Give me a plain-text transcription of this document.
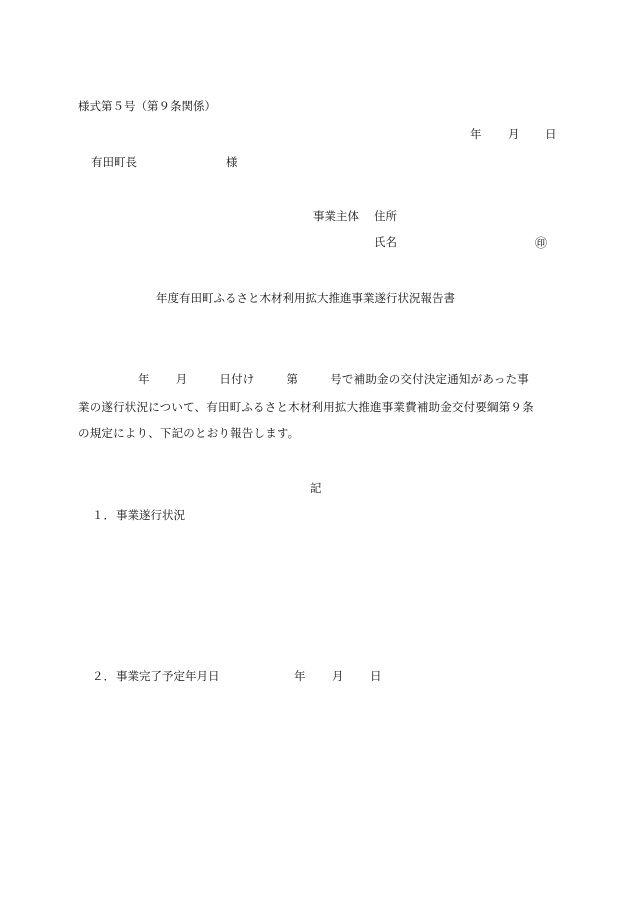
様式第５号（第９条関係）
年 月 日
有田町長	様
事業主体 住所
氏名	㊞
年度有田町ふるさと木材利用拡大推進事業遂行状況報告書
年 月	日付け	第	号で補助金の交付決定通知があった事
業の遂行状況について、有田町ふるさと木材利用拡大推進事業費補助金交付要綱第９条
の規定により、下記のとおり報告します。
記
１． 事業遂行状況
２． 事業完了予定年月日	年 月 日
